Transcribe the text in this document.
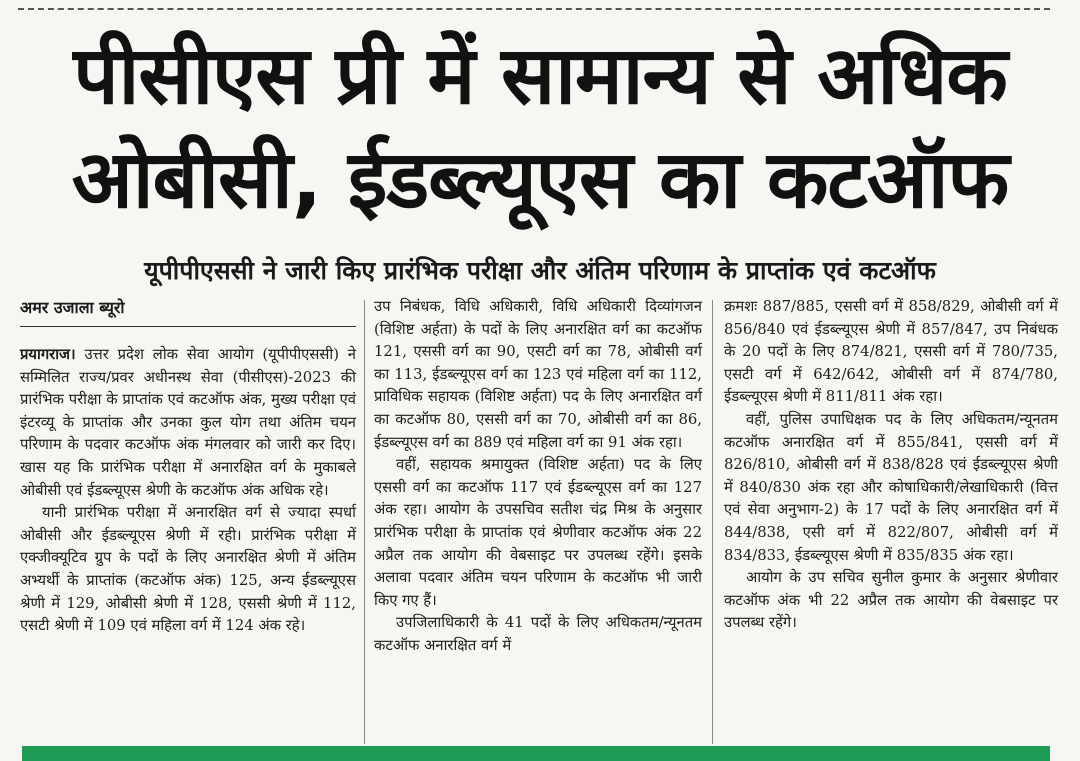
पीसीएस प्री में सामान्य से अधिक
ओबीसी, ईडब्ल्यूएस का कटऑफ
यूपीपीएससी ने जारी किए प्रारंभिक परीक्षा और अंतिम परिणाम के प्राप्तांक एवं कटऑफ
अमर उजाला ब्यूरो

प्रयागराज। उत्तर प्रदेश लोक सेवा आयोग (यूपीपीएससी) ने सम्मिलित राज्य/प्रवर अधीनस्थ सेवा (पीसीएस)-2023 की प्रारंभिक परीक्षा के प्राप्तांक एवं कटऑफ अंक, मुख्य परीक्षा एवं इंटरव्यू के प्राप्तांक और उनका कुल योग तथा अंतिम चयन परिणाम के पदवार कटऑफ अंक मंगलवार को जारी कर दिए। खास यह कि प्रारंभिक परीक्षा में अनारक्षित वर्ग के मुकाबले ओबीसी एवं ईडब्ल्यूएस श्रेणी के कटऑफ अंक अधिक रहे।

यानी प्रारंभिक परीक्षा में अनारक्षित वर्ग से ज्यादा स्पर्धा ओबीसी और ईडब्ल्यूएस श्रेणी में रही। प्रारंभिक परीक्षा में एक्जीक्यूटिव ग्रुप के पदों के लिए अनारक्षित श्रेणी में अंतिम अभ्यर्थी के प्राप्तांक (कटऑफ अंक) 125, अन्य ईडब्ल्यूएस श्रेणी में 129, ओबीसी श्रेणी में 128, एससी श्रेणी में 112, एसटी श्रेणी में 109 एवं महिला वर्ग में 124 अंक रहे।

उप निबंधक, विधि अधिकारी, विधि अधिकारी दिव्यांगजन (विशिष्ट अर्हता) के पदों के लिए अनारक्षित वर्ग का कटऑफ 121, एससी वर्ग का 90, एसटी वर्ग का 78, ओबीसी वर्ग का 113, ईडब्ल्यूएस वर्ग का 123 एवं महिला वर्ग का 112, प्राविधिक सहायक (विशिष्ट अर्हता) पद के लिए अनारक्षित वर्ग का कटऑफ 80, एससी वर्ग का 70, ओबीसी वर्ग का 86, ईडब्ल्यूएस वर्ग का 889 एवं महिला वर्ग का 91 अंक रहा।

वहीं, सहायक श्रमायुक्त (विशिष्ट अर्हता) पद के लिए एससी वर्ग का कटऑफ 117 एवं ईडब्ल्यूएस वर्ग का 127 अंक रहा। आयोग के उपसचिव सतीश चंद्र मिश्र के अनुसार प्रारंभिक परीक्षा के प्राप्तांक एवं श्रेणीवार कटऑफ अंक 22 अप्रैल तक आयोग की वेबसाइट पर उपलब्ध रहेंगे। इसके अलावा पदवार अंतिम चयन परिणाम के कटऑफ भी जारी किए गए हैं।

उपजिलाधिकारी के 41 पदों के लिए अधिकतम/न्यूनतम कटऑफ अनारक्षित वर्ग में

क्रमशः 887/885, एससी वर्ग में 858/829, ओबीसी वर्ग में 856/840 एवं ईडब्ल्यूएस श्रेणी में 857/847, उप निबंधक के 20 पदों के लिए 874/821, एससी वर्ग में 780/735, एसटी वर्ग में 642/642, ओबीसी वर्ग में 874/780, ईडब्ल्यूएस श्रेणी में 811/811 अंक रहा।

वहीं, पुलिस उपाधिक्षक पद के लिए अधिकतम/न्यूनतम कटऑफ अनारक्षित वर्ग में 855/841, एससी वर्ग में 826/810, ओबीसी वर्ग में 838/828 एवं ईडब्ल्यूएस श्रेणी में 840/830 अंक रहा और कोषाधिकारी/लेखाधिकारी (वित्त एवं सेवा अनुभाग-2) के 17 पदों के लिए अनारक्षित वर्ग में 844/838, एसी वर्ग में 822/807, ओबीसी वर्ग में 834/833, ईडब्ल्यूएस श्रेणी में 835/835 अंक रहा।

आयोग के उप सचिव सुनील कुमार के अनुसार श्रेणीवार कटऑफ अंक भी 22 अप्रैल तक आयोग की वेबसाइट पर उपलब्ध रहेंगे।
